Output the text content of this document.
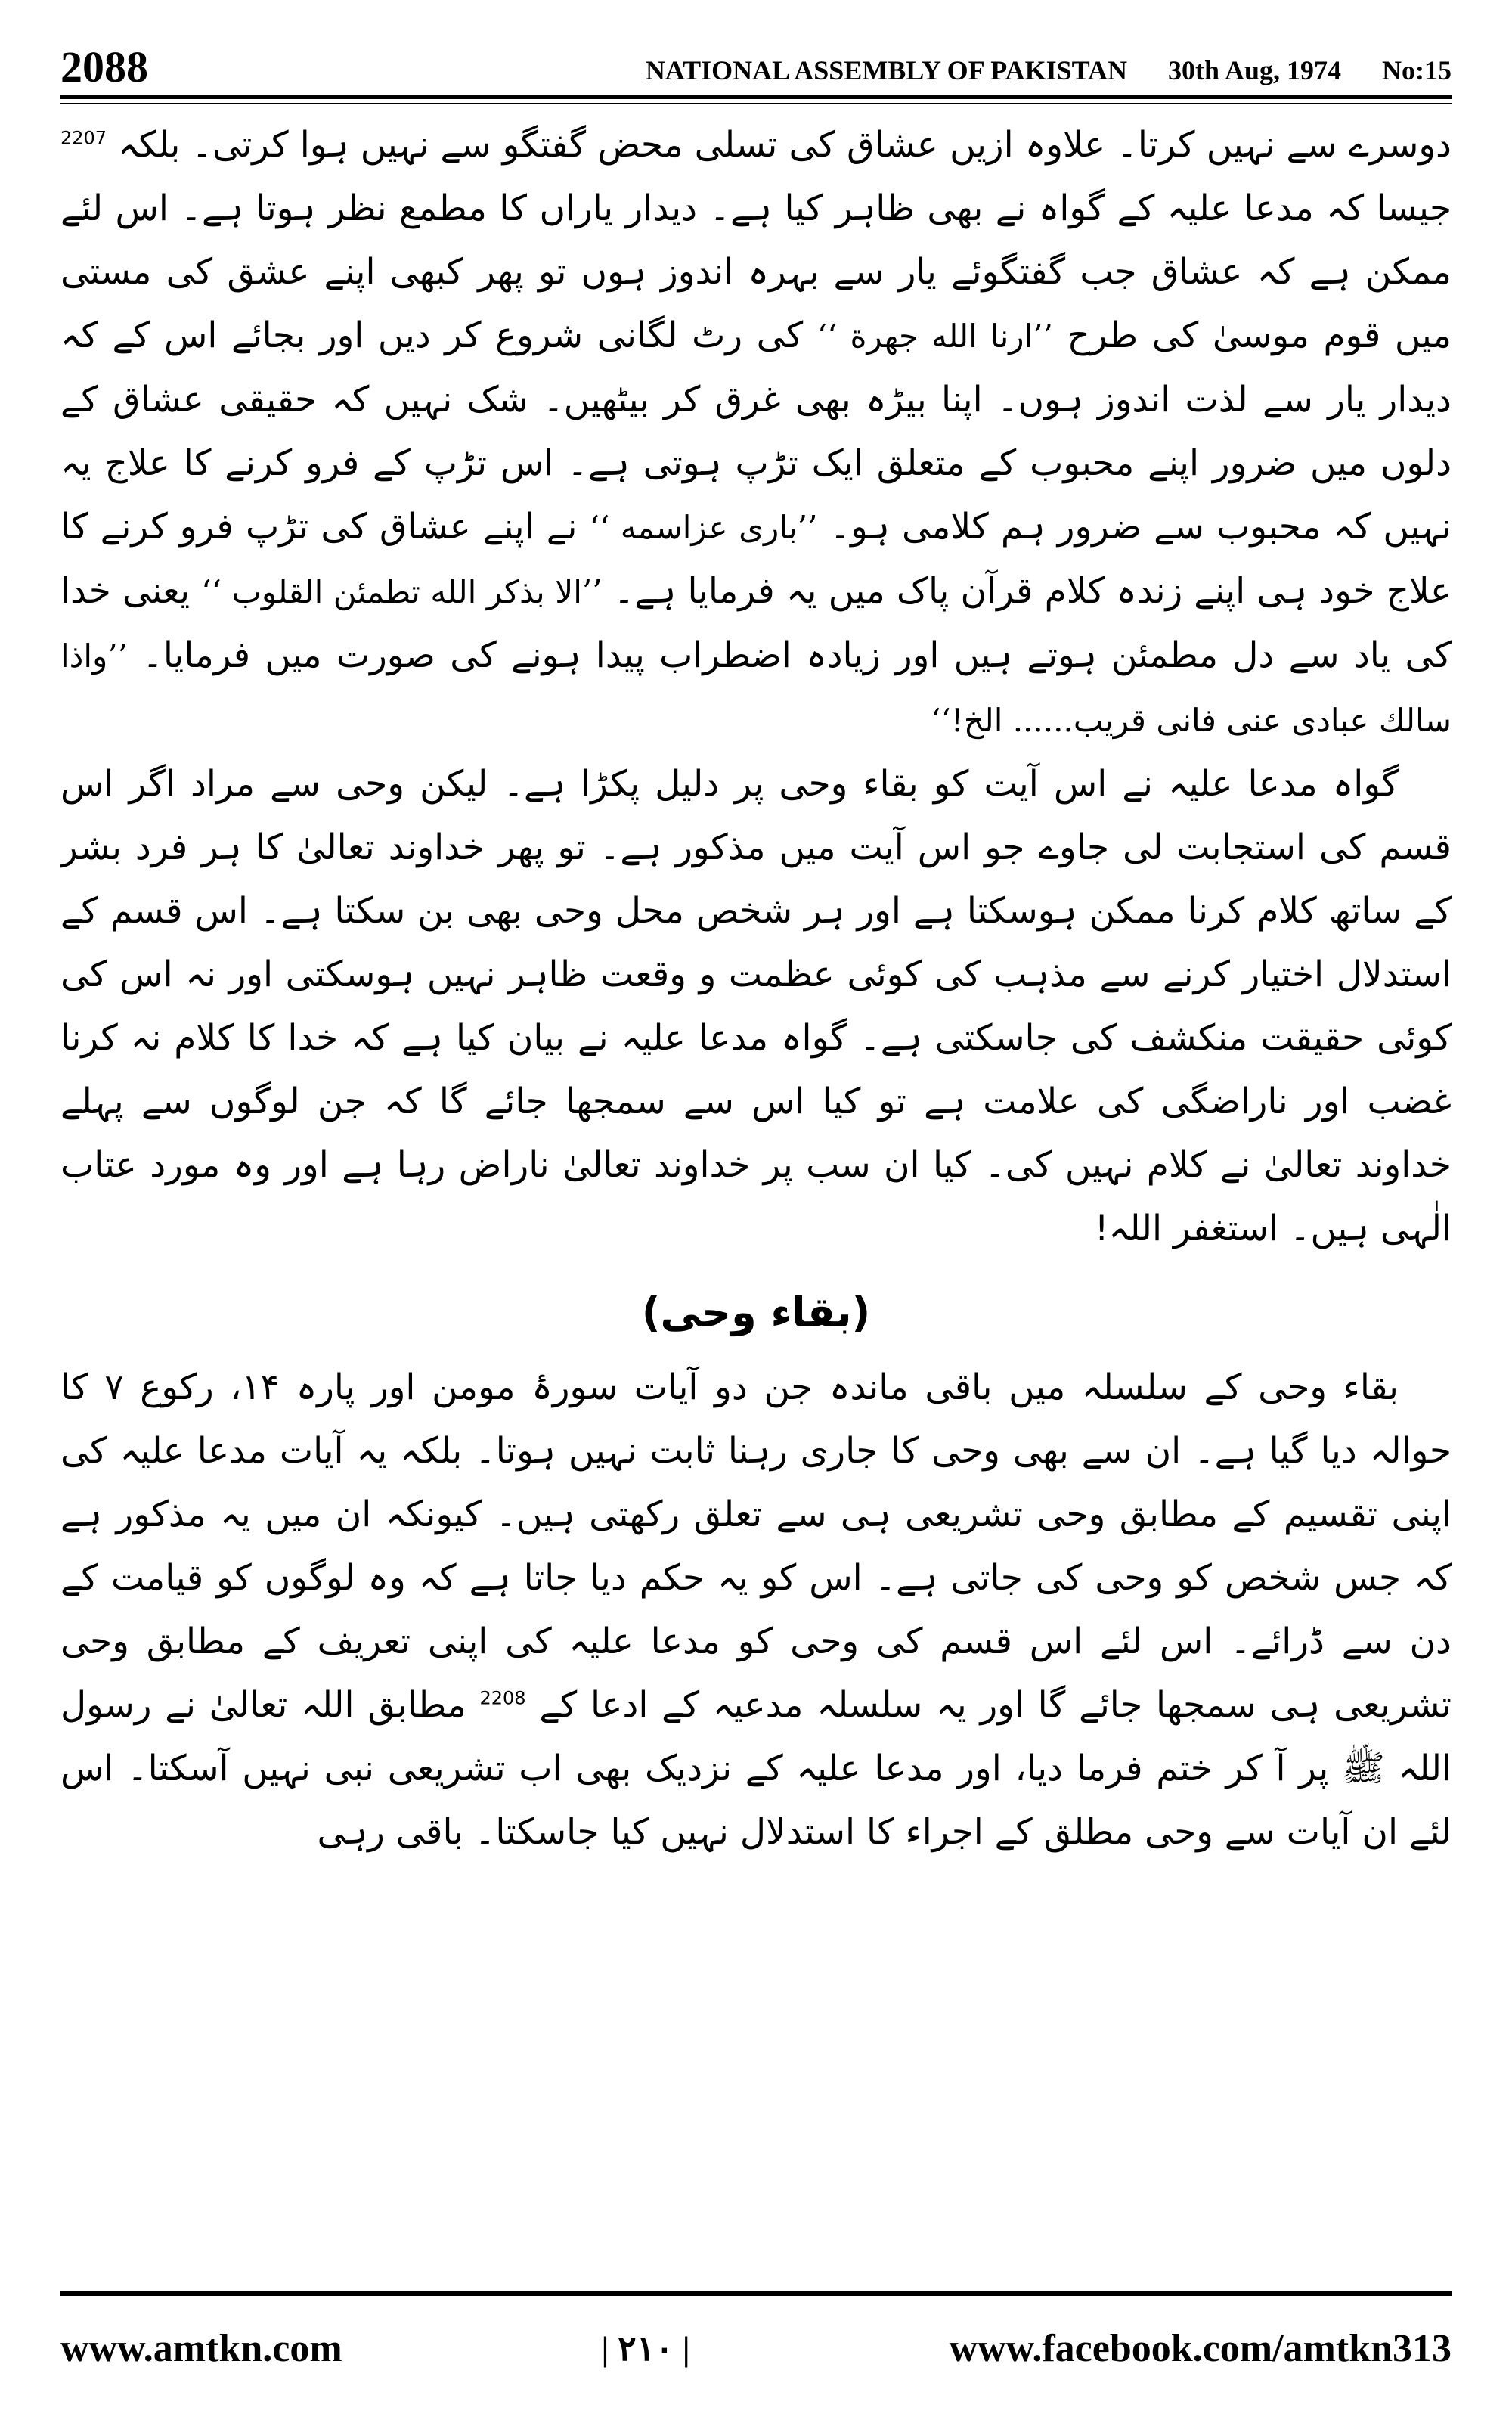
2088	NATIONAL ASSEMBLY OF PAKISTAN 30th Aug, 1974 No:15

دوسرے سے نہیں کرتا۔ علاوہ ازیں عشاق کی تسلی محض گفتگو سے نہیں ہوا کرتی۔ بلکہ $^{2207}$ جیسا کہ مدعا علیہ کے گواہ نے بھی ظاہر کیا ہے۔ دیدار یاراں کا مطمع نظر ہوتا ہے۔ اس لئے ممکن ہے کہ عشاق جب گفتگوئے یار سے بہرہ اندوز ہوں تو پھر کبھی اپنے عشق کی مستی میں قوم موسیٰ کی طرح ’’ارنا الله جهرة ‘‘ کی رٹ لگانی شروع کر دیں اور بجائے اس کے کہ دیدار یار سے لذت اندوز ہوں۔ اپنا بیڑہ بھی غرق کر بیٹھیں۔ شک نہیں کہ حقیقی عشاق کے دلوں میں ضرور اپنے محبوب کے متعلق ایک تڑپ ہوتی ہے۔ اس تڑپ کے فرو کرنے کا علاج یہ نہیں کہ محبوب سے ضرور ہم کلامی ہو۔ ’’باری عزاسمه ‘‘ نے اپنے عشاق کی تڑپ فرو کرنے کا علاج خود ہی اپنے زندہ کلام قرآن پاک میں یہ فرمایا ہے۔ ’’الا بذكر الله تطمئن القلوب ‘‘ یعنی خدا کی یاد سے دل مطمئن ہوتے ہیں اور زیادہ اضطراب پیدا ہونے کی صورت میں فرمایا۔ ’’واذا سالك عبادی عنی فانی قریب...... الخ!‘‘

گواہ مدعا علیہ نے اس آیت کو بقاء وحی پر دلیل پکڑا ہے۔ لیکن وحی سے مراد اگر اس قسم کی استجابت لی جاوے جو اس آیت میں مذکور ہے۔ تو پھر خداوند تعالیٰ کا ہر فرد بشر کے ساتھ کلام کرنا ممکن ہوسکتا ہے اور ہر شخص محل وحی بھی بن سکتا ہے۔ اس قسم کے استدلال اختیار کرنے سے مذہب کی کوئی عظمت و وقعت ظاہر نہیں ہوسکتی اور نہ اس کی کوئی حقیقت منکشف کی جاسکتی ہے۔ گواہ مدعا علیہ نے بیان کیا ہے کہ خدا کا کلام نہ کرنا غضب اور ناراضگی کی علامت ہے تو کیا اس سے سمجھا جائے گا کہ جن لوگوں سے پہلے خداوند تعالیٰ نے کلام نہیں کی۔ کیا ان سب پر خداوند تعالیٰ ناراض رہا ہے اور وہ مورد عتاب الٰہی ہیں۔ استغفر اللہ!

(بقاء وحی)

بقاء وحی کے سلسلہ میں باقی ماندہ جن دو آیات سورۂ مومن اور پارہ ۱۴، رکوع ۷ کا حوالہ دیا گیا ہے۔ ان سے بھی وحی کا جاری رہنا ثابت نہیں ہوتا۔ بلکہ یہ آیات مدعا علیہ کی اپنی تقسیم کے مطابق وحی تشریعی ہی سے تعلق رکھتی ہیں۔ کیونکہ ان میں یہ مذکور ہے کہ جس شخص کو وحی کی جاتی ہے۔ اس کو یہ حکم دیا جاتا ہے کہ وہ لوگوں کو قیامت کے دن سے ڈرائے۔ اس لئے اس قسم کی وحی کو مدعا علیہ کی اپنی تعریف کے مطابق وحی تشریعی ہی سمجھا جائے گا اور یہ سلسلہ مدعیہ کے ادعا کے $^{2208}$ مطابق اللہ تعالیٰ نے رسول اللہ ﷺ پر آ کر ختم فرما دیا، اور مدعا علیہ کے نزدیک بھی اب تشریعی نبی نہیں آسکتا۔ اس لئے ان آیات سے وحی مطلق کے اجراء کا استدلال نہیں کیا جاسکتا۔ باقی رہی

www.amtkn.com	| ۲۱۰ |	www.facebook.com/amtkn313
